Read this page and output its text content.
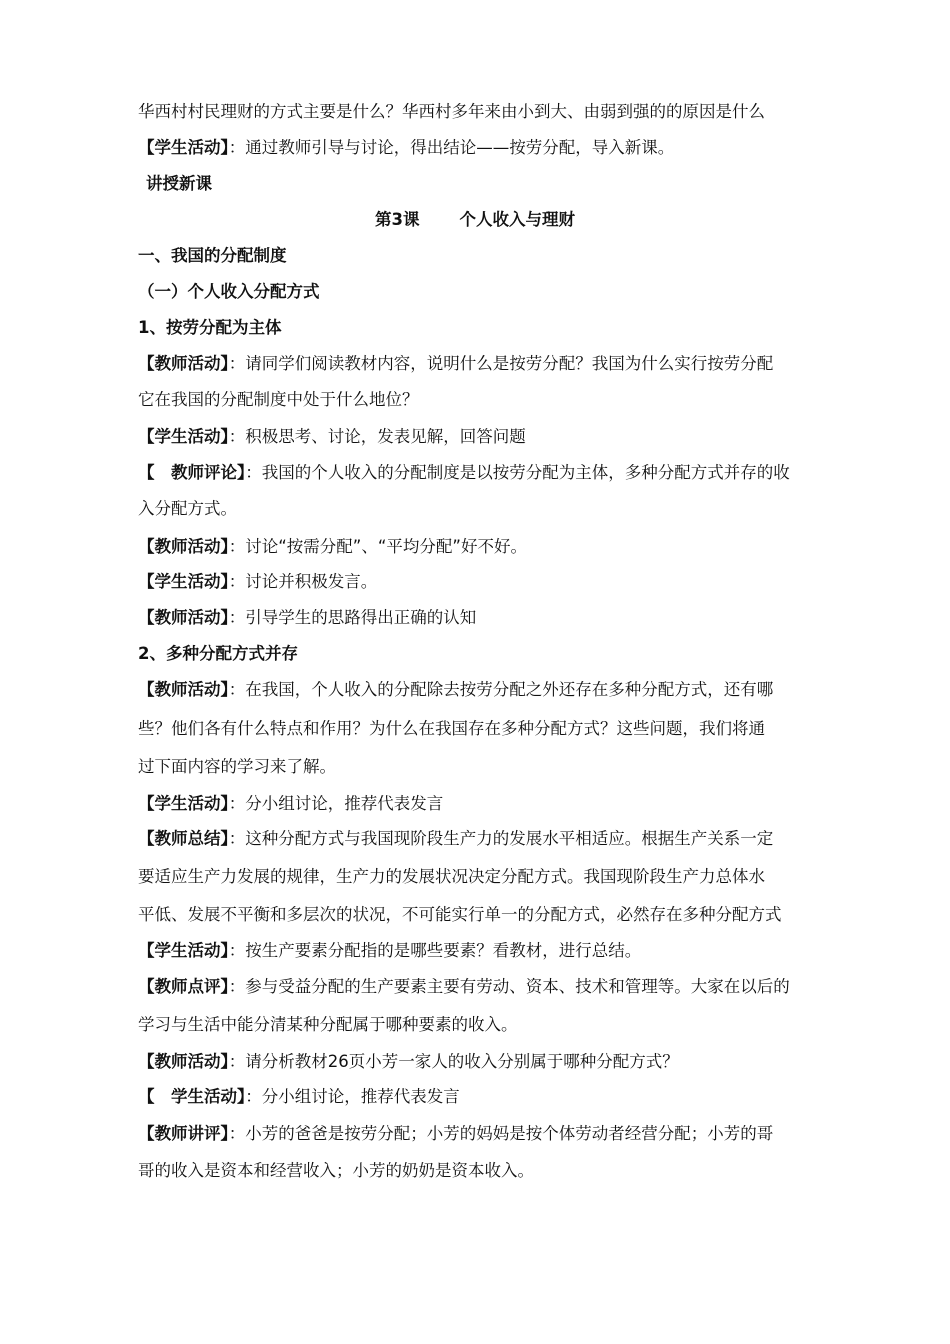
华西村村民理财的方式主要是什么？华西村多年来由小到大、由弱到强的的原因是什么
【学生活动】：通过教师引导与讨论，得出结论——按劳分配，导入新课。
讲授新课
第3课 个人收入与理财
一、我国的分配制度
（一）个人收入分配方式
1、按劳分配为主体
【教师活动】：请同学们阅读教材内容，说明什么是按劳分配？我国为什么实行按劳分配
它在我国的分配制度中处于什么地位？
【学生活动】：积极思考、讨论，发表见解，回答问题
【　教师评论】：我国的个人收入的分配制度是以按劳分配为主体，多种分配方式并存的收
入分配方式。
【教师活动】：讨论“按需分配”、“平均分配”好不好。
【学生活动】：讨论并积极发言。
【教师活动】：引导学生的思路得出正确的认知
2、多种分配方式并存
【教师活动】：在我国，个人收入的分配除去按劳分配之外还存在多种分配方式，还有哪
些？他们各有什么特点和作用？为什么在我国存在多种分配方式？这些问题，我们将通
过下面内容的学习来了解。
【学生活动】：分小组讨论，推荐代表发言
【教师总结】：这种分配方式与我国现阶段生产力的发展水平相适应。根据生产关系一定
要适应生产力发展的规律，生产力的发展状况决定分配方式。我国现阶段生产力总体水
平低、发展不平衡和多层次的状况，不可能实行单一的分配方式，必然存在多种分配方式
【学生活动】：按生产要素分配指的是哪些要素？看教材，进行总结。
【教师点评】：参与受益分配的生产要素主要有劳动、资本、技术和管理等。大家在以后的
学习与生活中能分清某种分配属于哪种要素的收入。
【教师活动】：请分析教材26页小芳一家人的收入分别属于哪种分配方式？
【　学生活动】：分小组讨论，推荐代表发言
【教师讲评】：小芳的爸爸是按劳分配；小芳的妈妈是按个体劳动者经营分配；小芳的哥
哥的收入是资本和经营收入；小芳的奶奶是资本收入。
